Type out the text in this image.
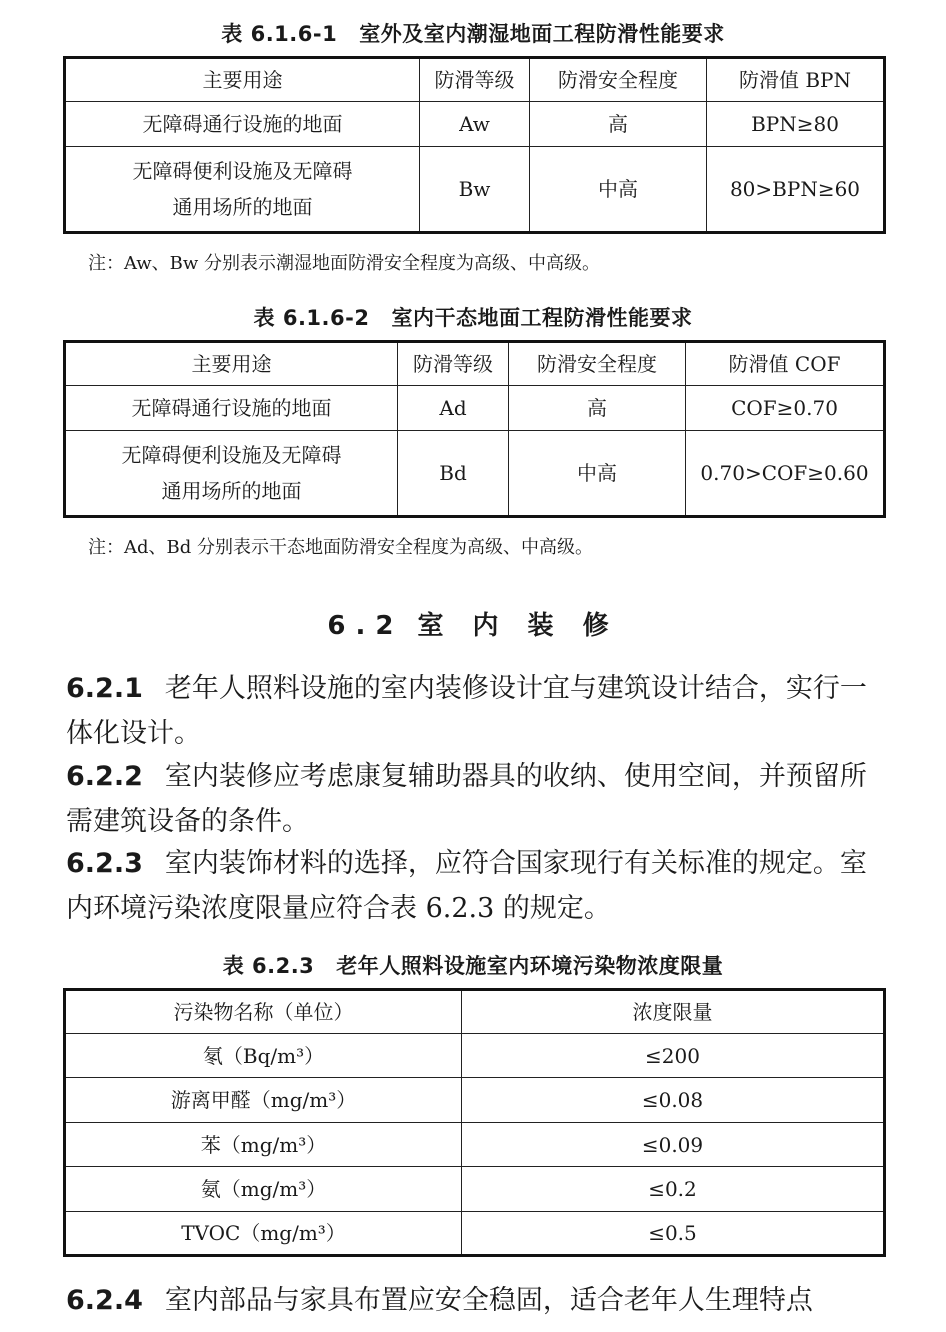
表 6.1.6-1 室外及室内潮湿地面工程防滑性能要求
主要用途	防滑等级	防滑安全程度	防滑值 BPN
无障碍通行设施的地面	Aw	高	BPN≥80

无障碍便利设施及无障碍
通用场所的地面	Bw	中高	80>BPN≥60
注：Aw、Bw 分别表示潮湿地面防滑安全程度为高级、中高级。
表 6.1.6-2 室内干态地面工程防滑性能要求
主要用途	防滑等级	防滑安全程度	防滑值 COF
无障碍通行设施的地面	Ad	高	COF≥0.70

无障碍便利设施及无障碍
通用场所的地面	Bd	中高	0.70>COF≥0.60
注：Ad、Bd 分别表示干态地面防滑安全程度为高级、中高级。
6.2 室 内 装 修

6.2.1 老年人照料设施的室内装修设计宜与建筑设计结合，实行一体化设计。

6.2.2 室内装修应考虑康复辅助器具的收纳、使用空间，并预留所需建筑设备的条件。

6.2.3 室内装饰材料的选择，应符合国家现行有关标准的规定。室内环境污染浓度限量应符合表 6.2.3 的规定。

表 6.2.3 老年人照料设施室内环境污染物浓度限量
污染物名称（单位）	浓度限量
氡（Bq/m³）	≤200
游离甲醛（mg/m³）	≤0.08
苯（mg/m³）	≤0.09
氨（mg/m³）	≤0.2
TVOC（mg/m³）	≤0.5

6.2.4 室内部品与家具布置应安全稳固，适合老年人生理特点
